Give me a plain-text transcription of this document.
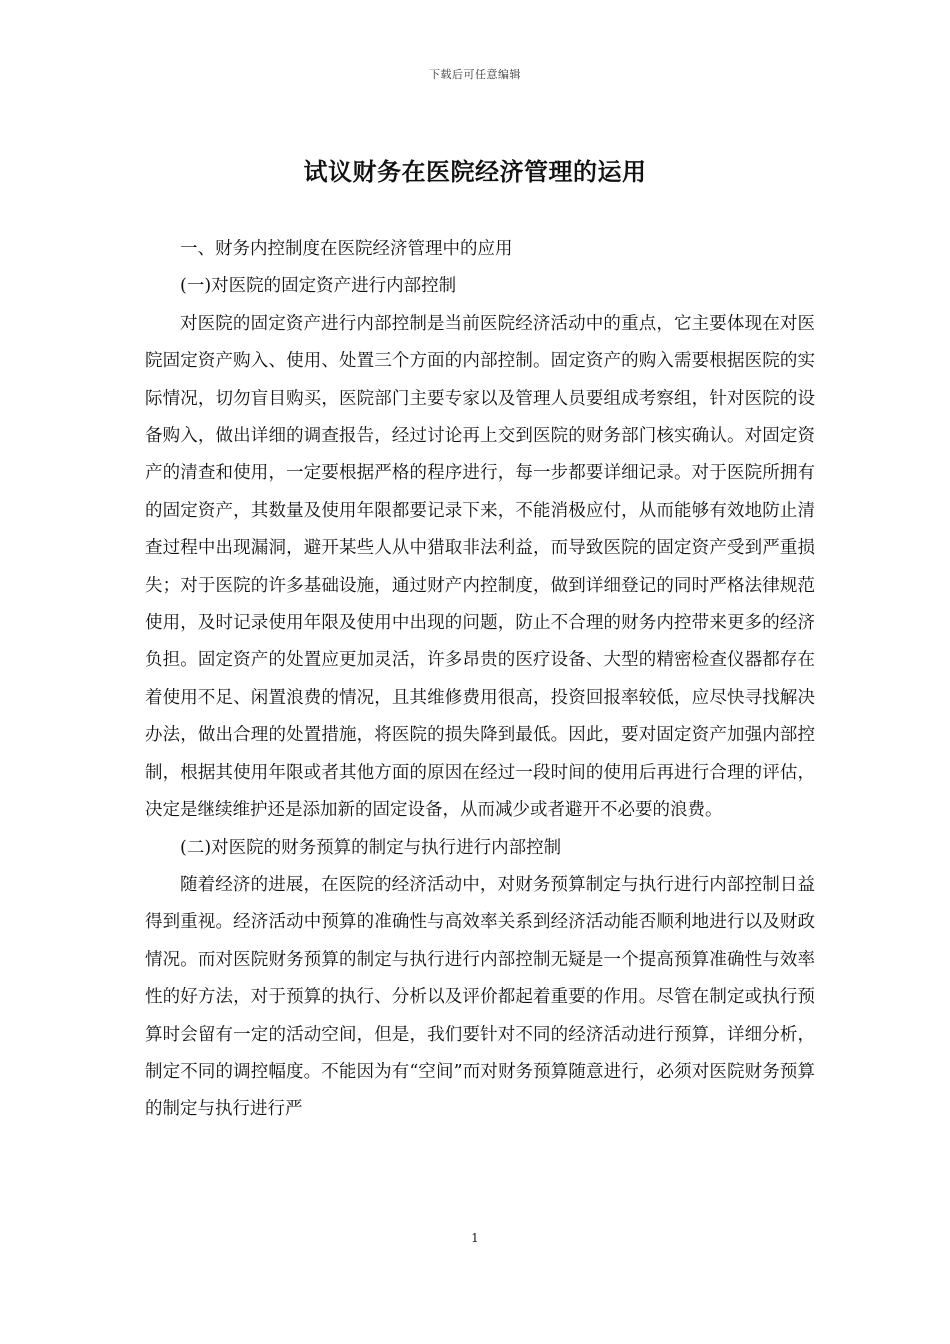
下载后可任意编辑
试议财务在医院经济管理的运用

一、财务内控制度在医院经济管理中的应用

(一)对医院的固定资产进行内部控制

对医院的固定资产进行内部控制是当前医院经济活动中的重点，它主要体现在对医院固定资产购入、使用、处置三个方面的内部控制。固定资产的购入需要根据医院的实际情况，切勿盲目购买，医院部门主要专家以及管理人员要组成考察组，针对医院的设备购入，做出详细的调查报告，经过讨论再上交到医院的财务部门核实确认。对固定资产的清查和使用，一定要根据严格的程序进行，每一步都要详细记录。对于医院所拥有的固定资产，其数量及使用年限都要记录下来，不能消极应付，从而能够有效地防止清查过程中出现漏洞，避开某些人从中猎取非法利益，而导致医院的固定资产受到严重损失；对于医院的许多基础设施，通过财产内控制度，做到详细登记的同时严格法律规范使用，及时记录使用年限及使用中出现的问题，防止不合理的财务内控带来更多的经济负担。固定资产的处置应更加灵活，许多昂贵的医疗设备、大型的精密检查仪器都存在着使用不足、闲置浪费的情况，且其维修费用很高，投资回报率较低，应尽快寻找解决办法，做出合理的处置措施，将医院的损失降到最低。因此，要对固定资产加强内部控制，根据其使用年限或者其他方面的原因在经过一段时间的使用后再进行合理的评估，决定是继续维护还是添加新的固定设备，从而减少或者避开不必要的浪费。

(二)对医院的财务预算的制定与执行进行内部控制

随着经济的进展，在医院的经济活动中，对财务预算制定与执行进行内部控制日益得到重视。经济活动中预算的准确性与高效率关系到经济活动能否顺利地进行以及财政情况。而对医院财务预算的制定与执行进行内部控制无疑是一个提高预算准确性与效率性的好方法，对于预算的执行、分析以及评价都起着重要的作用。尽管在制定或执行预算时会留有一定的活动空间，但是，我们要针对不同的经济活动进行预算，详细分析，制定不同的调控幅度。不能因为有“空间”而对财务预算随意进行，必须对医院财务预算的制定与执行进行严

1
